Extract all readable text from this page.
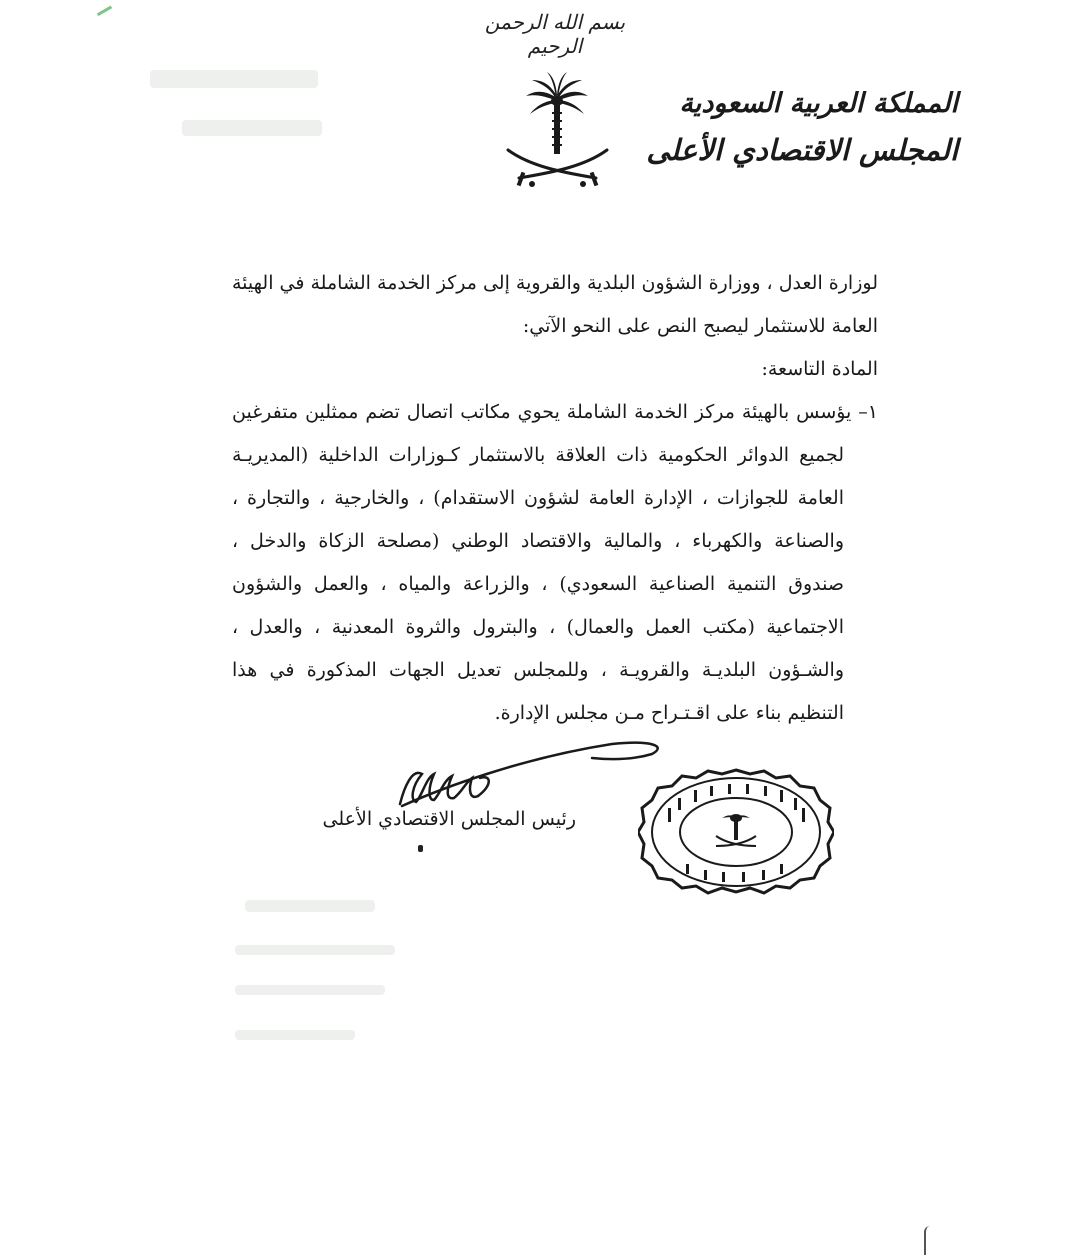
بسم الله الرحمن الرحيم
المملكة العربية السعودية
المجلس الاقتصادي الأعلى

لوزارة العدل ، ووزارة الشؤون البلدية والقروية إلى مركز الخدمة الشاملة في الهيئة العامة للاستثمار ليصبح النص على النحو الآتي:

المادة التاسعة:

١– يؤسس بالهيئة مركز الخدمة الشاملة يحوي مكاتب اتصال تضم ممثلين متفرغين لجميع الدوائر الحكومية ذات العلاقة بالاستثمار كـوزارات الداخلية (المديريـة العامة للجوازات ، الإدارة العامة لشؤون الاستقدام) ، والخارجية ، والتجارة ، والصناعة والكهرباء ، والمالية والاقتصاد الوطني (مصلحة الزكاة والدخل ، صندوق التنمية الصناعية السعودي) ، والزراعة والمياه ، والعمل والشؤون الاجتماعية (مكتب العمل والعمال) ، والبترول والثروة المعدنية ، والعدل ، والشـؤون البلديـة والقرويـة ، وللمجلس تعديل الجهات المذكورة في هذا التنظيم بناء على اقـتـراح مـن مجلس الإدارة.

رئيس المجلس الاقتصادي الأعلى
